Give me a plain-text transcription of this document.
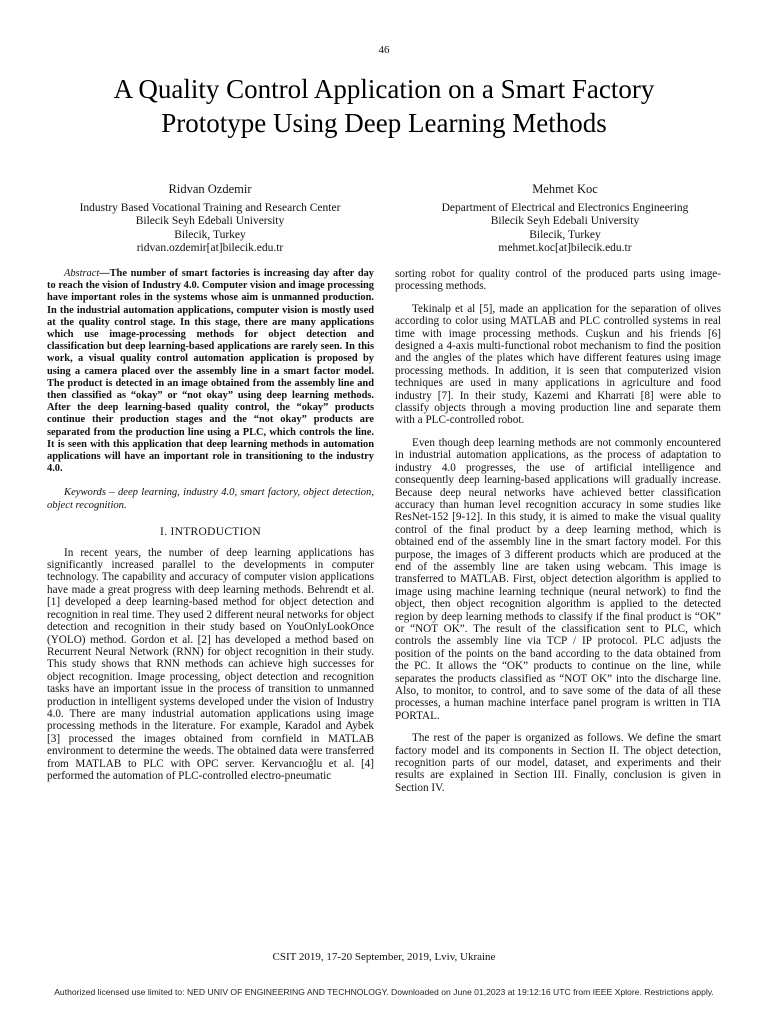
46
A Quality Control Application on a Smart Factory
Prototype Using Deep Learning Methods
Ridvan Ozdemir
Industry Based Vocational Training and Research Center
Bilecik Seyh Edebali University
Bilecik, Turkey
ridvan.ozdemir[at]bilecik.edu.tr
Mehmet Koc
Department of Electrical and Electronics Engineering
Bilecik Seyh Edebali University
Bilecik, Turkey
mehmet.koc[at]bilecik.edu.tr

Abstract—The number of smart factories is increasing day after day to reach the vision of Industry 4.0. Computer vision and image processing have important roles in the systems whose aim is unmanned production. In the industrial automation applications, computer vision is mostly used at the quality control stage. In this stage, there are many applications which use image-processing methods for object detection and classification but deep learning-based applications are rarely seen. In this work, a visual quality control automation application is proposed by using a camera placed over the assembly line in a smart factor model. The product is detected in an image obtained from the assembly line and then classified as “okay” or “not okay” using deep learning methods. After the deep learning-based quality control, the “okay” products continue their production stages and the “not okay” products are separated from the production line using a PLC, which controls the line. It is seen with this application that deep learning methods in automation applications will have an important role in transitioning to the industry 4.0.

Keywords – deep learning, industry 4.0, smart factory, object detection, object recognition.

I. INTRODUCTION

In recent years, the number of deep learning applications has significantly increased parallel to the developments in computer technology. The capability and accuracy of computer vision applications have made a great progress with deep learning methods. Behrendt et al. [1] developed a deep learning-based method for object detection and recognition in real time. They used 2 different neural networks for object detection and recognition in their study based on YouOnlyLookOnce (YOLO) method. Gordon et al. [2] has developed a method based on Recurrent Neural Network (RNN) for object recognition in their study. This study shows that RNN methods can achieve high successes for object recognition. Image processing, object detection and recognition tasks have an important issue in the process of transition to unmanned production in intelligent systems developed under the vision of Industry 4.0. There are many industrial automation applications using image processing methods in the literature. For example, Karadol and Aybek [3] processed the images obtained from cornfield in MATLAB environment to determine the weeds. The obtained data were transferred from MATLAB to PLC with OPC server. Kervancıoğlu et al. [4] performed the automation of PLC-controlled electro-pneumatic

sorting robot for quality control of the produced parts using image-processing methods.

Tekinalp et al [5], made an application for the separation of olives according to color using MATLAB and PLC controlled systems in real time with image processing methods. Cuşkun and his friends [6] designed a 4-axis multi-functional robot mechanism to find the position and the angles of the plates which have different features using image processing methods. In addition, it is seen that computerized vision techniques are used in many applications in agriculture and food industry [7]. In their study, Kazemi and Kharrati [8] were able to classify objects through a moving production line and separate them with a PLC-controlled robot.

Even though deep learning methods are not commonly encountered in industrial automation applications, as the process of adaptation to industry 4.0 progresses, the use of artificial intelligence and consequently deep learning-based applications will gradually increase. Because deep neural networks have achieved better classification accuracy than human level recognition accuracy in some studies like ResNet-152 [9-12]. In this study, it is aimed to make the visual quality control of the final product by a deep learning method, which is obtained end of the assembly line in the smart factory model. For this purpose, the images of 3 different products which are produced at the end of the assembly line are taken using webcam. This image is transferred to MATLAB. First, object detection algorithm is applied to image using machine learning technique (neural network) to find the object, then object recognition algorithm is applied to the detected region by deep learning methods to classify if the final product is “OK” or “NOT OK”. The result of the classification sent to PLC, which controls the assembly line via TCP / IP protocol. PLC adjusts the position of the points on the band according to the data obtained from the PC. It allows the “OK” products to continue on the line, while separates the products classified as “NOT OK” into the discharge line. Also, to monitor, to control, and to save some of the data of all these processes, a human machine interface panel program is written in TIA PORTAL.

The rest of the paper is organized as follows. We define the smart factory model and its components in Section II. The object detection, recognition parts of our model, dataset, and experiments and their results are explained in Section III. Finally, conclusion is given in Section IV.

CSIT 2019, 17-20 September, 2019, Lviv, Ukraine
Authorized licensed use limited to: NED UNIV OF ENGINEERING AND TECHNOLOGY. Downloaded on June 01,2023 at 19:12:16 UTC from IEEE Xplore. Restrictions apply.
